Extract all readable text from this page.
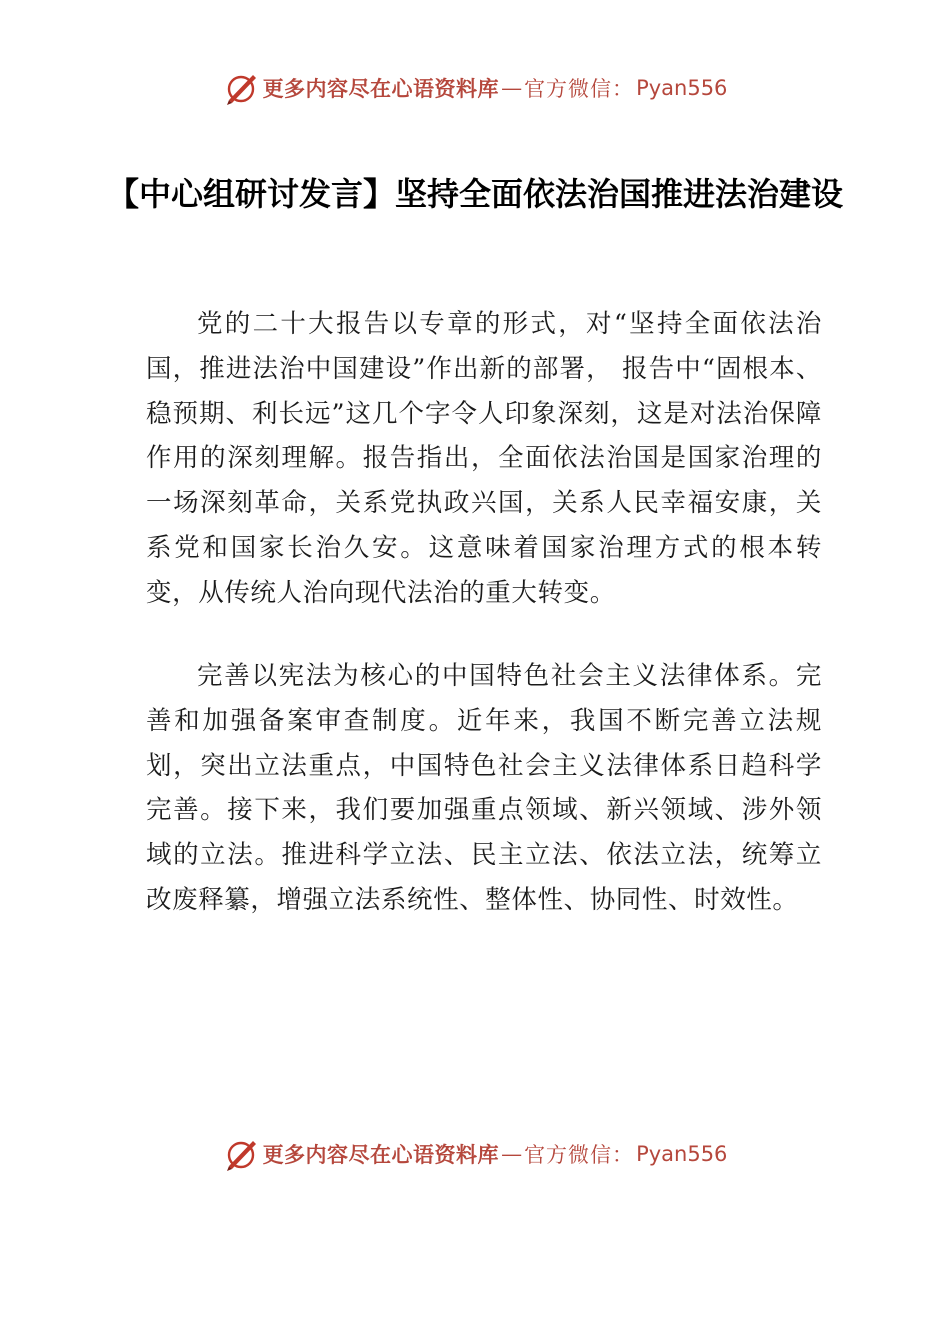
更多内容尽在心语资料库 — 官方微信： Pyan556
【中心组研讨发言】坚持全面依法治国推进法治建设

党的二十大报告以专章的形式，对“坚持全面依法治国，推进法治中国建设”作出新的部署， 报告中“固根本、稳预期、利长远”这几个字令人印象深刻，这是对法治保障作用的深刻理解。报告指出，全面依法治国是国家治理的一场深刻革命，关系党执政兴国，关系人民幸福安康，关系党和国家长治久安。这意味着国家治理方式的根本转变，从传统人治向现代法治的重大转变。

完善以宪法为核心的中国特色社会主义法律体系。完善和加强备案审查制度。近年来，我国不断完善立法规划，突出立法重点，中国特色社会主义法律体系日趋科学完善。接下来，我们要加强重点领域、新兴领域、涉外领域的立法。推进科学立法、民主立法、依法立法，统筹立改废释纂，增强立法系统性、整体性、协同性、时效性。

更多内容尽在心语资料库 — 官方微信： Pyan556
